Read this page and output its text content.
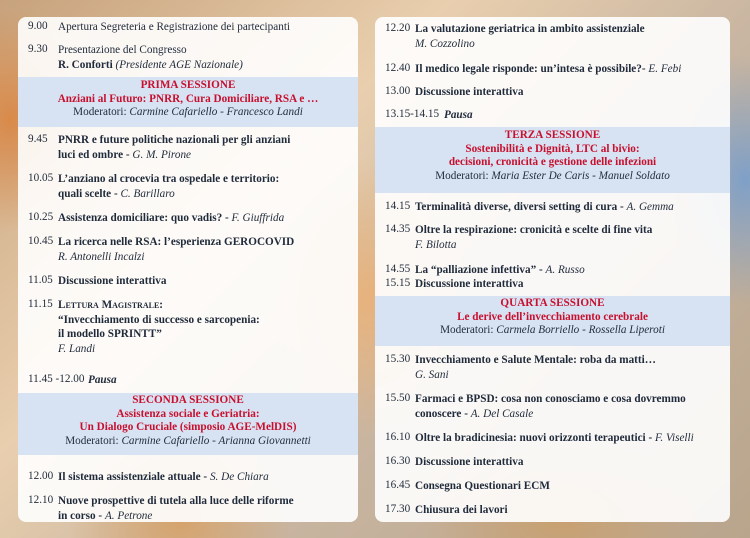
9.00 Apertura Segreteria e Registrazione dei partecipanti
9.30 Presentazione del Congresso
R. Conforti (Presidente AGE Nazionale)
PRIMA SESSIONE
Anziani al Futuro: PNRR, Cura Domiciliare, RSA e …
Moderatori: Carmine Cafariello - Francesco Landi
9.45 PNRR e future politiche nazionali per gli anziani
luci ed ombre - G. M. Pirone
10.05 L’anziano al crocevia tra ospedale e territorio:
quali scelte - C. Barillaro
10.25 Assistenza domiciliare: quo vadis? - F. Giuffrida
10.45 La ricerca nelle RSA: l’esperienza GEROCOVID
R. Antonelli Incalzi
11.05 Discussione interattiva
11.15 Lettura Magistrale:
“Invecchiamento di successo e sarcopenia:
il modello SPRINTT”
F. Landi
11.45 -12.00 Pausa
SECONDA SESSIONE
Assistenza sociale e Geriatria:
Un Dialogo Cruciale (simposio AGE-MelDIS)
Moderatori: Carmine Cafariello - Arianna Giovannetti
12.00 Il sistema assistenziale attuale - S. De Chiara
12.10 Nuove prospettive di tutela alla luce delle riforme
in corso - A. Petrone
12.20 La valutazione geriatrica in ambito assistenziale
M. Cozzolino
12.40 Il medico legale risponde: un’intesa è possibile?- E. Febi
13.00 Discussione interattiva
13.15-14.15 Pausa
TERZA SESSIONE
Sostenibilità e Dignità, LTC al bivio:
decisioni, cronicità e gestione delle infezioni
Moderatori: Maria Ester De Caris - Manuel Soldato
14.15 Terminalità diverse, diversi setting di cura - A. Gemma
14.35 Oltre la respirazione: cronicità e scelte di fine vita
F. Bilotta
14.55 La “palliazione infettiva” - A. Russo
15.15 Discussione interattiva
QUARTA SESSIONE
Le derive dell’invecchiamento cerebrale
Moderatori: Carmela Borriello - Rossella Liperoti
15.30 Invecchiamento e Salute Mentale: roba da matti…
G. Sani
15.50 Farmaci e BPSD: cosa non conosciamo e cosa dovremmo
conoscere - A. Del Casale
16.10 Oltre la bradicinesia: nuovi orizzonti terapeutici - F. Viselli
16.30 Discussione interattiva
16.45 Consegna Questionari ECM
17.30 Chiusura dei lavori
